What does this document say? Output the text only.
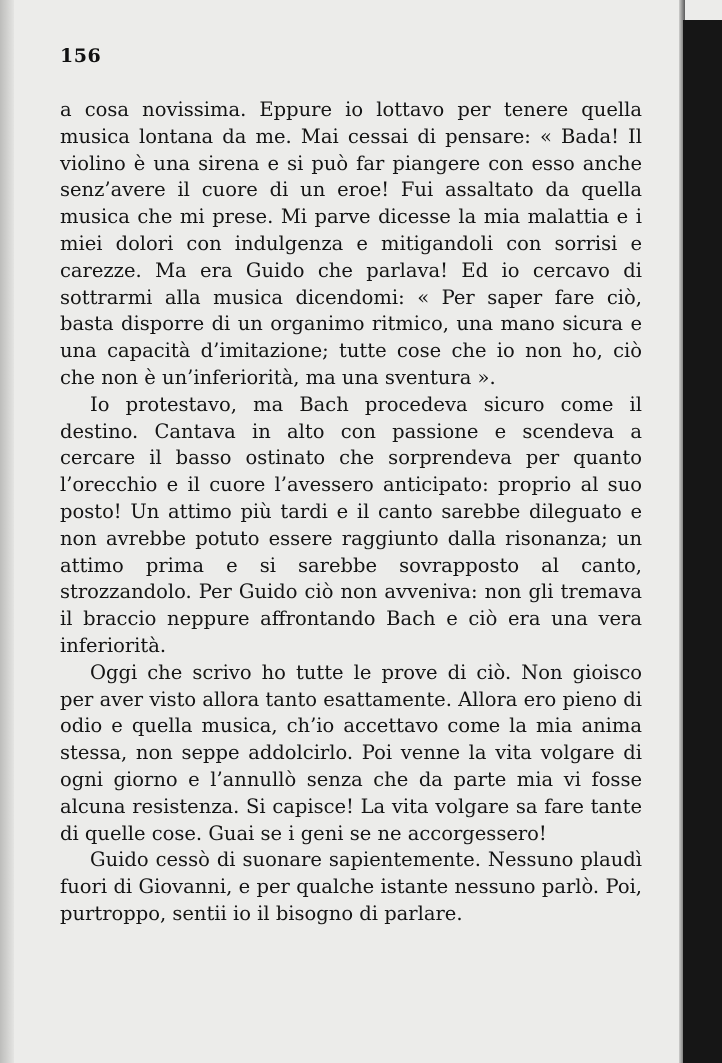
156

a cosa novissima. Eppure io lottavo per tenere quella musica lontana da me. Mai cessai di pensare: « Bada! Il violino è una sirena e si può far piangere con esso anche senz’avere il cuore di un eroe! Fui assaltato da quella musica che mi prese. Mi parve dicesse la mia malattia e i miei dolori con indulgenza e mitigandoli con sorrisi e carezze. Ma era Guido che parlava! Ed io cercavo di sottrarmi alla musica dicendomi: « Per saper fare ciò, basta disporre di un organimo ritmico, una mano sicura e una capacità d’imitazione; tutte cose che io non ho, ciò che non è un’inferiorità, ma una sventura ».

Io protestavo, ma Bach procedeva sicuro come il destino. Cantava in alto con passione e scendeva a cercare il basso ostinato che sorprendeva per quanto l’orecchio e il cuore l’avessero anticipato: proprio al suo posto! Un attimo più tardi e il canto sarebbe dileguato e non avrebbe potuto essere raggiunto dalla risonanza; un attimo prima e si sarebbe sovrapposto al canto, strozzandolo. Per Guido ciò non avveniva: non gli tremava il braccio neppure affrontando Bach e ciò era una vera inferiorità.

Oggi che scrivo ho tutte le prove di ciò. Non gioisco per aver visto allora tanto esattamente. Allora ero pieno di odio e quella musica, ch’io accettavo come la mia anima stessa, non seppe addolcirlo. Poi venne la vita volgare di ogni giorno e l’annullò senza che da parte mia vi fosse alcuna resistenza. Si capisce! La vita volgare sa fare tante di quelle cose. Guai se i geni se ne accorgessero!

Guido cessò di suonare sapientemente. Nessuno plaudì fuori di Giovanni, e per qualche istante nessuno parlò. Poi, purtroppo, sentii io il bisogno di parlare.
